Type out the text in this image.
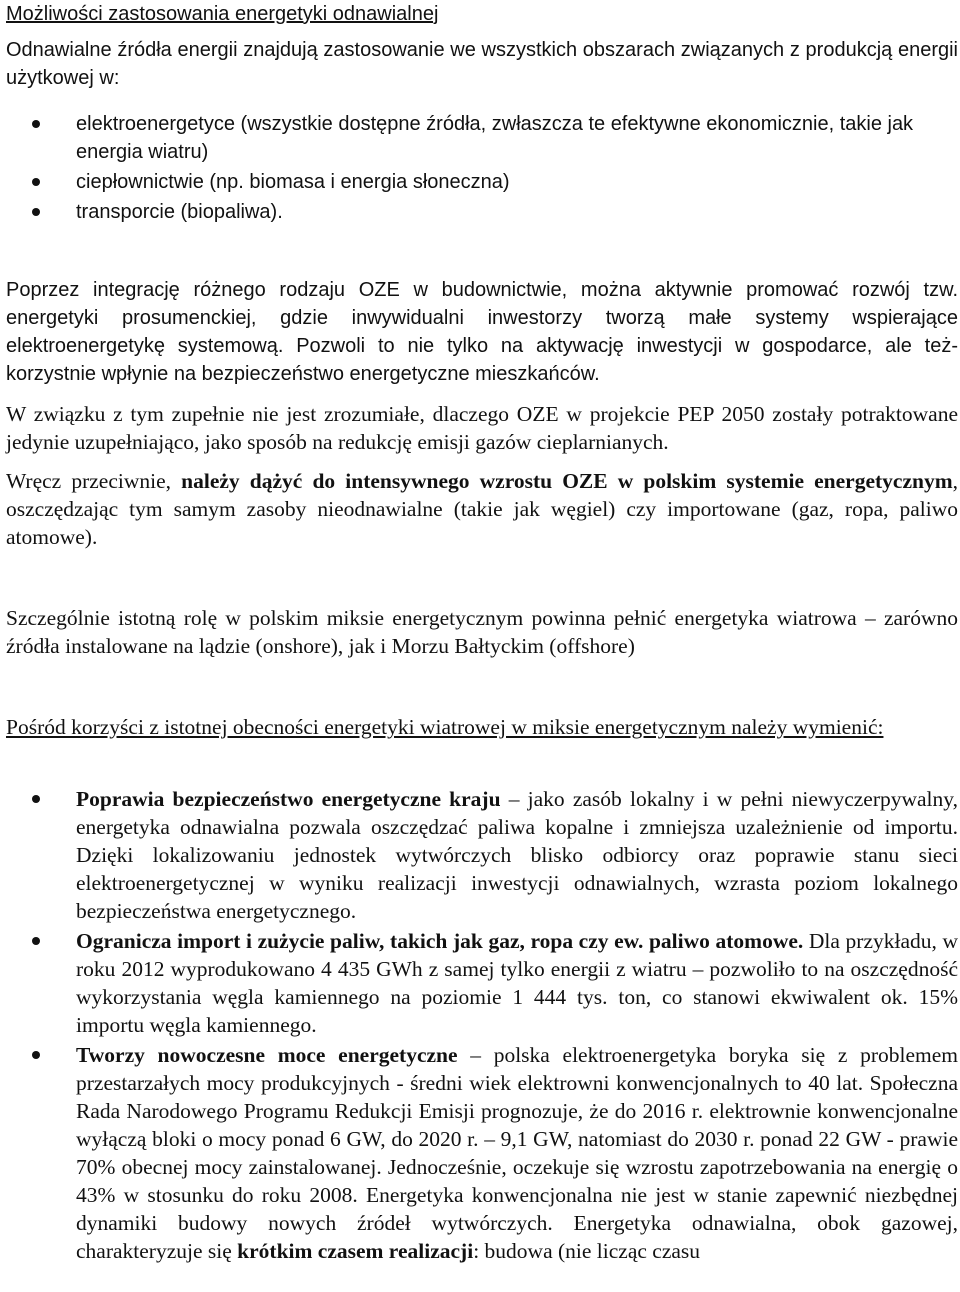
Możliwości zastosowania energetyki odnawialnej

Odnawialne źródła energii znajdują zastosowanie we wszystkich obszarach związanych z produkcją energii użytkowej w:

elektroenergetyce (wszystkie dostępne źródła, zwłaszcza te efektywne ekonomicznie, takie jak energia wiatru)
ciepłownictwie (np. biomasa i energia słoneczna)
transporcie (biopaliwa).

Poprzez integrację różnego rodzaju OZE w budownictwie, można aktywnie promować rozwój tzw. energetyki prosumenckiej, gdzie inwywidualni inwestorzy tworzą małe systemy wspierające elektroenergetykę systemową. Pozwoli to nie tylko na aktywację inwestycji w gospodarce, ale też- korzystnie wpłynie na bezpieczeństwo energetyczne mieszkańców.

W związku z tym zupełnie nie jest zrozumiałe, dlaczego OZE w projekcie PEP 2050 zostały potraktowane jedynie uzupełniająco, jako sposób na redukcję emisji gazów cieplarnianych.

Wręcz przeciwnie, należy dążyć do intensywnego wzrostu OZE w polskim systemie energetycznym, oszczędzając tym samym zasoby nieodnawialne (takie jak węgiel) czy importowane (gaz, ropa, paliwo atomowe).

Szczególnie istotną rolę w polskim miksie energetycznym powinna pełnić energetyka wiatrowa – zarówno źródła instalowane na lądzie (onshore), jak i Morzu Bałtyckim (offshore)

Pośród korzyści z istotnej obecności energetyki wiatrowej w miksie energetycznym należy wymienić:

Poprawia bezpieczeństwo energetyczne kraju – jako zasób lokalny i w pełni niewyczerpywalny, energetyka odnawialna pozwala oszczędzać paliwa kopalne i zmniejsza uzależnienie od importu. Dzięki lokalizowaniu jednostek wytwórczych blisko odbiorcy oraz poprawie stanu sieci elektroenergetycznej w wyniku realizacji inwestycji odnawialnych, wzrasta poziom lokalnego bezpieczeństwa energetycznego.
Ogranicza import i zużycie paliw, takich jak gaz, ropa czy ew. paliwo atomowe. Dla przykładu, w roku 2012 wyprodukowano 4 435 GWh z samej tylko energii z wiatru – pozwoliło to na oszczędność wykorzystania węgla kamiennego na poziomie 1 444 tys. ton, co stanowi ekwiwalent ok. 15% importu węgla kamiennego.
Tworzy nowoczesne moce energetyczne – polska elektroenergetyka boryka się z problemem przestarzałych mocy produkcyjnych - średni wiek elektrowni konwencjonalnych to 40 lat. Społeczna Rada Narodowego Programu Redukcji Emisji prognozuje, że do 2016 r. elektrownie konwencjonalne wyłączą bloki o mocy ponad 6 GW, do 2020 r. – 9,1 GW, natomiast do 2030 r. ponad 22 GW - prawie 70% obecnej mocy zainstalowanej. Jednocześnie, oczekuje się wzrostu zapotrzebowania na energię o 43% w stosunku do roku 2008. Energetyka konwencjonalna nie jest w stanie zapewnić niezbędnej dynamiki budowy nowych źródeł wytwórczych. Energetyka odnawialna, obok gazowej, charakteryzuje się krótkim czasem realizacji: budowa (nie licząc czasu
